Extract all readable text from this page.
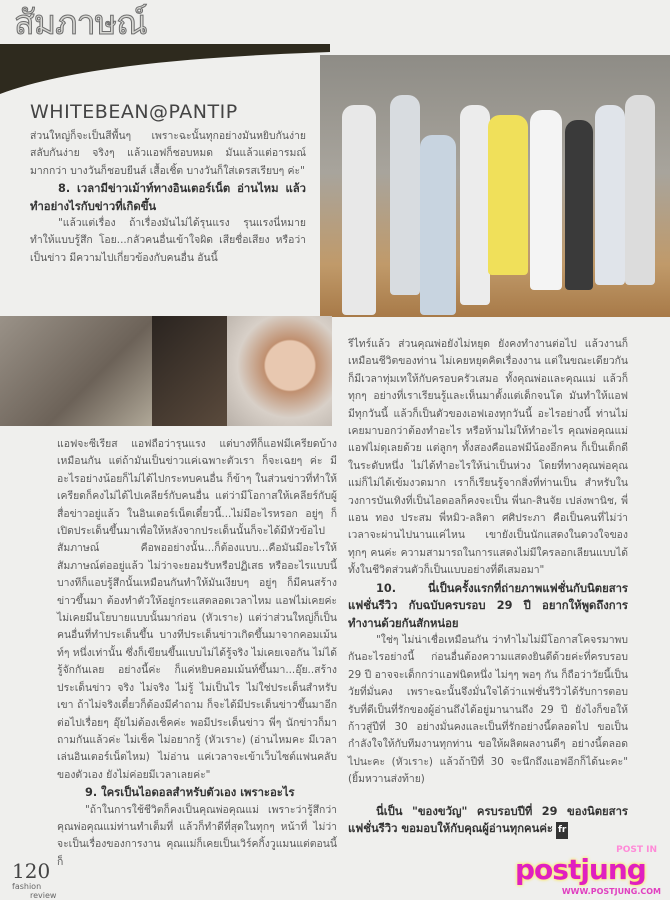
สัมภาษณ์
WHITEBEAN@PANTIP

ส่วนใหญ่ก็จะเป็นสีพื้นๆ เพราะฉะนั้นทุกอย่างมันหยิบกันง่าย สลับกันง่าย จริงๆ แล้วแอฟก็ชอบหมด มันแล้วแต่อารมณ์มากกว่า บางวันก็ชอบยีนส์ เสื้อเชิ้ต บางวันก็ใส่เดรสเรียบๆ ค่ะ"

8. เวลามีข่าวเม้าท์ทางอินเตอร์เน็ต อ่านไหม แล้วทำอย่างไรกับข่าวที่เกิดขึ้น

"แล้วแต่เรื่อง ถ้าเรื่องมันไม่ได้รุนแรง รุนแรงนี่หมายทำให้แบบรู้สึก โอย...กลัวคนอื่นเข้าใจผิด เสียชื่อเสียง หรือว่าเป็นข่าว มีความไปเกี่ยวข้องกับคนอื่น อันนี้

แอฟจะซีเรียส แอฟถือว่ารุนแรง แต่บางทีก็แอฟมีเครียดบ้างเหมือนกัน แต่ถ้ามันเป็นข่าวแค่เฉพาะตัวเรา ก็จะเฉยๆ ค่ะ มีอะไรอย่างน้อยก็ไม่ได้ไปกระทบคนอื่น ก็ข้าๆ ในส่วนข่าวที่ทำให้เครียดก็คงไม่ได้ไปเคลียร์กับคนอื่น แต่ว่ามีโอกาสให้เคลียร์กับผู้สื่อข่าวอยู่แล้ว ในอินเตอร์เน็ตเดี๋ยวนี้...ไม่มีอะไรหรอก อยู่ๆ ก็เปิดประเด็นขึ้นมาเพื่อให้หลังจากประเด็นนั้นก็จะได้มีหัวข้อไปสัมภาษณ์ คือพออย่างนั้น...ก็ต้องแบบ...คือมันมีอะไรให้สัมภาษณ์ต่ออยู่แล้ว ไม่ว่าจะยอมรับหรือปฏิเสธ หรืออะไรแบบนี้ บางทีก็แอบรู้สึกนั้นเหมือนกันทำให้มันเงียบๆ อยู่ๆ ก็มีคนสร้างข่าวขึ้นมา ต้องทำตัวให้อยู่กระแสตลอดเวลาไหม แอฟไม่เคยค่ะ ไม่เคยมีนโยบายแบบนั้นมาก่อน (หัวเราะ) แต่ว่าส่วนใหญ่ก็เป็นคนอื่นที่ทำประเด็นขึ้น บางทีประเด็นข่าวเกิดขึ้นมาจากคอมเม้นท์ๆ หนึ่งเท่านั้น ซึ่งก็เขียนขึ้นแบบไม่ได้รู้จริง ไม่เคยเจอกัน ไม่ได้รู้จักกันเลย อย่างนี้ค่ะ ก็แค่หยิบคอมเม้นท์ขึ้นมา...อุ๊ย..สร้างประเด็นข่าว จริง ไม่จริง ไม่รู้ ไม่เป็นไร ไม่ใช่ประเด็นสำหรับเขา ถ้าไม่จริงเดี๋ยวก็ต้องมีคำถาม ก็จะได้มีประเด็นข่าวขึ้นมาอีกต่อไปเรื่อยๆ อุ๊ยไม่ต้องเช็คค่ะ พอมีประเด็นข่าว พี่ๆ นักข่าวก็มาถามกันแล้วค่ะ ไม่เช็ค ไม่อยากรู้ (หัวเราะ) (อ่านไหมคะ มีเวลาเล่นอินเตอร์เน็ตไหม) ไม่อ่าน แค่เวลาจะเข้าเว็บไซต์แฟนคลับของตัวเอง ยังไม่ค่อยมีเวลาเลยค่ะ"

9. ใครเป็นไอดอลสำหรับตัวเอง เพราะอะไร

"ถ้าในการใช้ชีวิตก็คงเป็นคุณพ่อคุณแม่ เพราะว่ารู้สึกว่าคุณพ่อคุณแม่ท่านทำเต็มที่ แล้วก็ทำดีที่สุดในทุกๆ หน้าที่ ไม่ว่าจะเป็นเรื่องของการงาน คุณแม่ก็เคยเป็นเวิร์คกิ้งวูแมนแต่ตอนนี้ก็

รีไทร์แล้ว ส่วนคุณพ่อยังไม่หยุด ยังคงทำงานต่อไป แล้วงานก็เหมือนชีวิตของท่าน ไม่เคยหยุดคิดเรื่องงาน แต่ในขณะเดียวกันก็มีเวลาทุ่มเทให้กับครอบครัวเสมอ ทั้งคุณพ่อและคุณแม่ แล้วก็ทุกๆ อย่างที่เราเรียนรู้และเห็นมาตั้งแต่เด็กจนโต มันทำให้แอฟมีทุกวันนี้ แล้วก็เป็นตัวของเอฟเองทุกวันนี้ อะไรอย่างนี้ ท่านไม่เคยมาบอกว่าต้องทำอะไร หรือห้ามไม่ให้ทำอะไร คุณพ่อคุณแม่แอฟไม่ดุเลยด้วย แต่ลูกๆ ทั้งสองคือแอฟมีน้องอีกคน ก็เป็นเด็กดีในระดับหนึ่ง ไม่ได้ทำอะไรให้น่าเป็นห่วง โดยที่ทางคุณพ่อคุณแม่ก็ไม่ได้เข้มงวดมาก เราก็เรียนรู้จากสิ่งที่ท่านเป็น สำหรับในวงการบันเทิงที่เป็นไอดอลก็คงจะเป็น พี่นก-สินจัย เปล่งพานิช, พี่แอน ทอง ประสม พี่หมิว-ลลิตา ศศิประภา คือเป็นคนที่ไม่ว่าเวลาจะผ่านไปนานแค่ไหน เขายังเป็นนักแสดงในดวงใจของทุกๆ คนค่ะ ความสามารถในการแสดงไม่มีใครลอกเลียนแบบได้ ทั้งในชีวิตส่วนตัวก็เป็นแบบอย่างที่ดีเสมอมา"

10. นี่เป็นครั้งแรกที่ถ่ายภาพแฟชั่นกับนิตยสารแฟชั่นรีวิว กับฉบับครบรอบ 29 ปี อยากให้พูดถึงการทำงานด้วยกันสักหน่อย

"ใช่ๆ ไม่น่าเชื่อเหมือนกัน ว่าทำไมไม่มีโอกาสโคจรมาพบกันอะไรอย่างนี้ ก่อนอื่นต้องความแสดงยินดีด้วยค่ะที่ครบรอบ 29 ปี อาจจะเด็กกว่าแอฟนิดหนึ่ง ไม่ๆๆ พอๆ กัน ก็ถือว่าวัยนี้เป็นวัยที่มั่นคง เพราะฉะนั้นจึงมั่นใจได้ว่าแฟชั่นรีวิวได้รับการตอบรับที่ดีเป็นที่รักของผู้อ่านถึงได้อยู่มานานถึง 29 ปี ยังไงก็ขอให้ก้าวสู่ปีที่ 30 อย่างมั่นคงและเป็นที่รักอย่างนี้ตลอดไป ขอเป็นกำลังใจให้กับทีมงานทุกท่าน ขอให้ผลิตผลงานดีๆ อย่างนี้ตลอดไปนะคะ (หัวเราะ) แล้วถ้าปีที่ 30 จะนึกถึงแอฟอีกก็ได้นะคะ" (ยิ้มหวานส่งท้าย)

นี่เป็น "ของขวัญ" ครบรอบปีที่ 29 ของนิตยสารแฟชั่นรีวิว ขอมอบให้กับคุณผู้อ่านทุกคนค่ะ fr

120
fashion
review
POST IN
postjung
WWW.POSTJUNG.COM
